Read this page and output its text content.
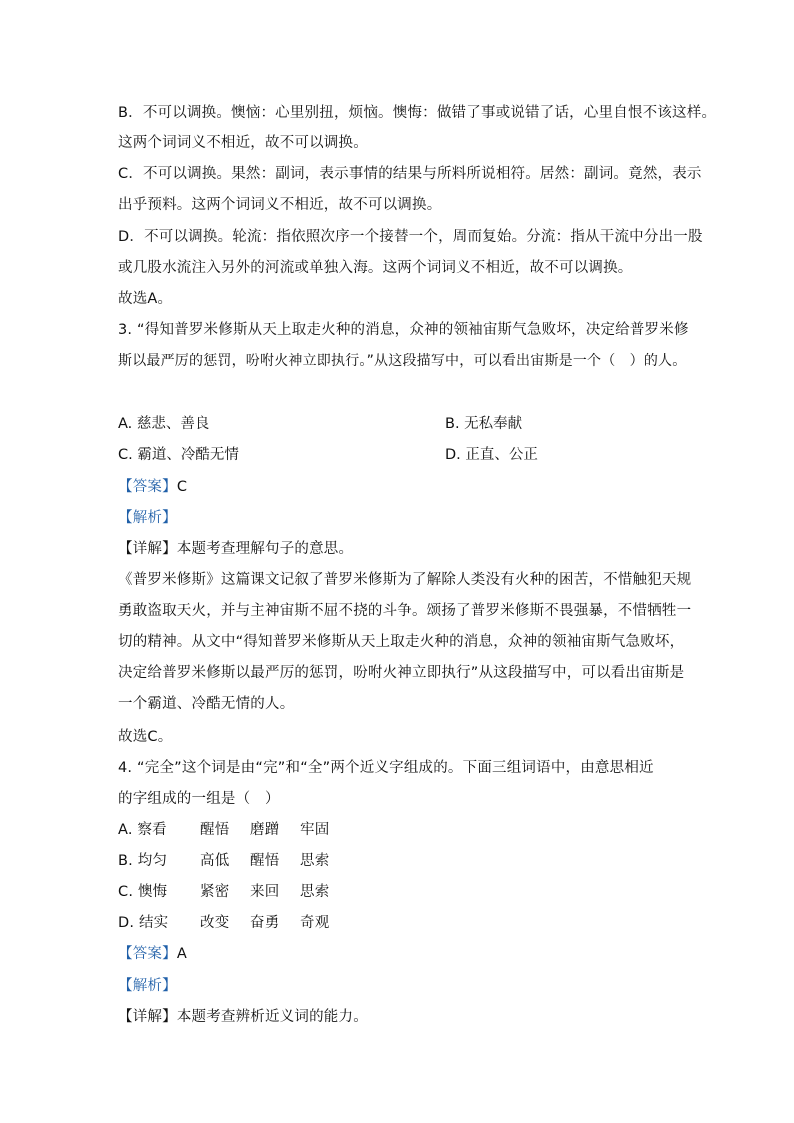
B．不可以调换。懊恼：心里别扭，烦恼。懊悔：做错了事或说错了话，心里自恨不该这样。
这两个词词义不相近，故不可以调换。
C．不可以调换。果然：副词，表示事情的结果与所料所说相符。居然：副词。竟然，表示
出乎预料。这两个词词义不相近，故不可以调换。
D．不可以调换。轮流：指依照次序一个接替一个，周而复始。分流：指从干流中分出一股
或几股水流注入另外的河流或单独入海。这两个词词义不相近，故不可以调换。
故选A。
3. “得知普罗米修斯从天上取走火种的消息，众神的领袖宙斯气急败坏，决定给普罗米修
斯以最严厉的惩罚，吩咐火神立即执行。”从这段描写中，可以看出宙斯是一个（　）的人。
A. 慈悲、善良	B. 无私奉献
C. 霸道、冷酷无情	D. 正直、公正
【答案】C
【解析】
【详解】本题考查理解句子的意思。
《普罗米修斯》这篇课文记叙了普罗米修斯为了解除人类没有火种的困苦，不惜触犯天规
勇敢盗取天火，并与主神宙斯不屈不挠的斗争。颂扬了普罗米修斯不畏强暴，不惜牺牲一
切的精神。从文中“得知普罗米修斯从天上取走火种的消息，众神的领袖宙斯气急败坏，
决定给普罗米修斯以最严厉的惩罚，吩咐火神立即执行”从这段描写中，可以看出宙斯是
一个霸道、冷酷无情的人。
故选C。
4. “完全”这个词是由“完”和“全”两个近义字组成的。下面三组词语中，由意思相近
的字组成的一组是（　）
A. 察看 醒悟 磨蹭 牢固
B. 均匀 高低 醒悟 思索
C. 懊悔 紧密 来回 思索
D. 结实 改变 奋勇 奇观
【答案】A
【解析】
【详解】本题考查辨析近义词的能力。
